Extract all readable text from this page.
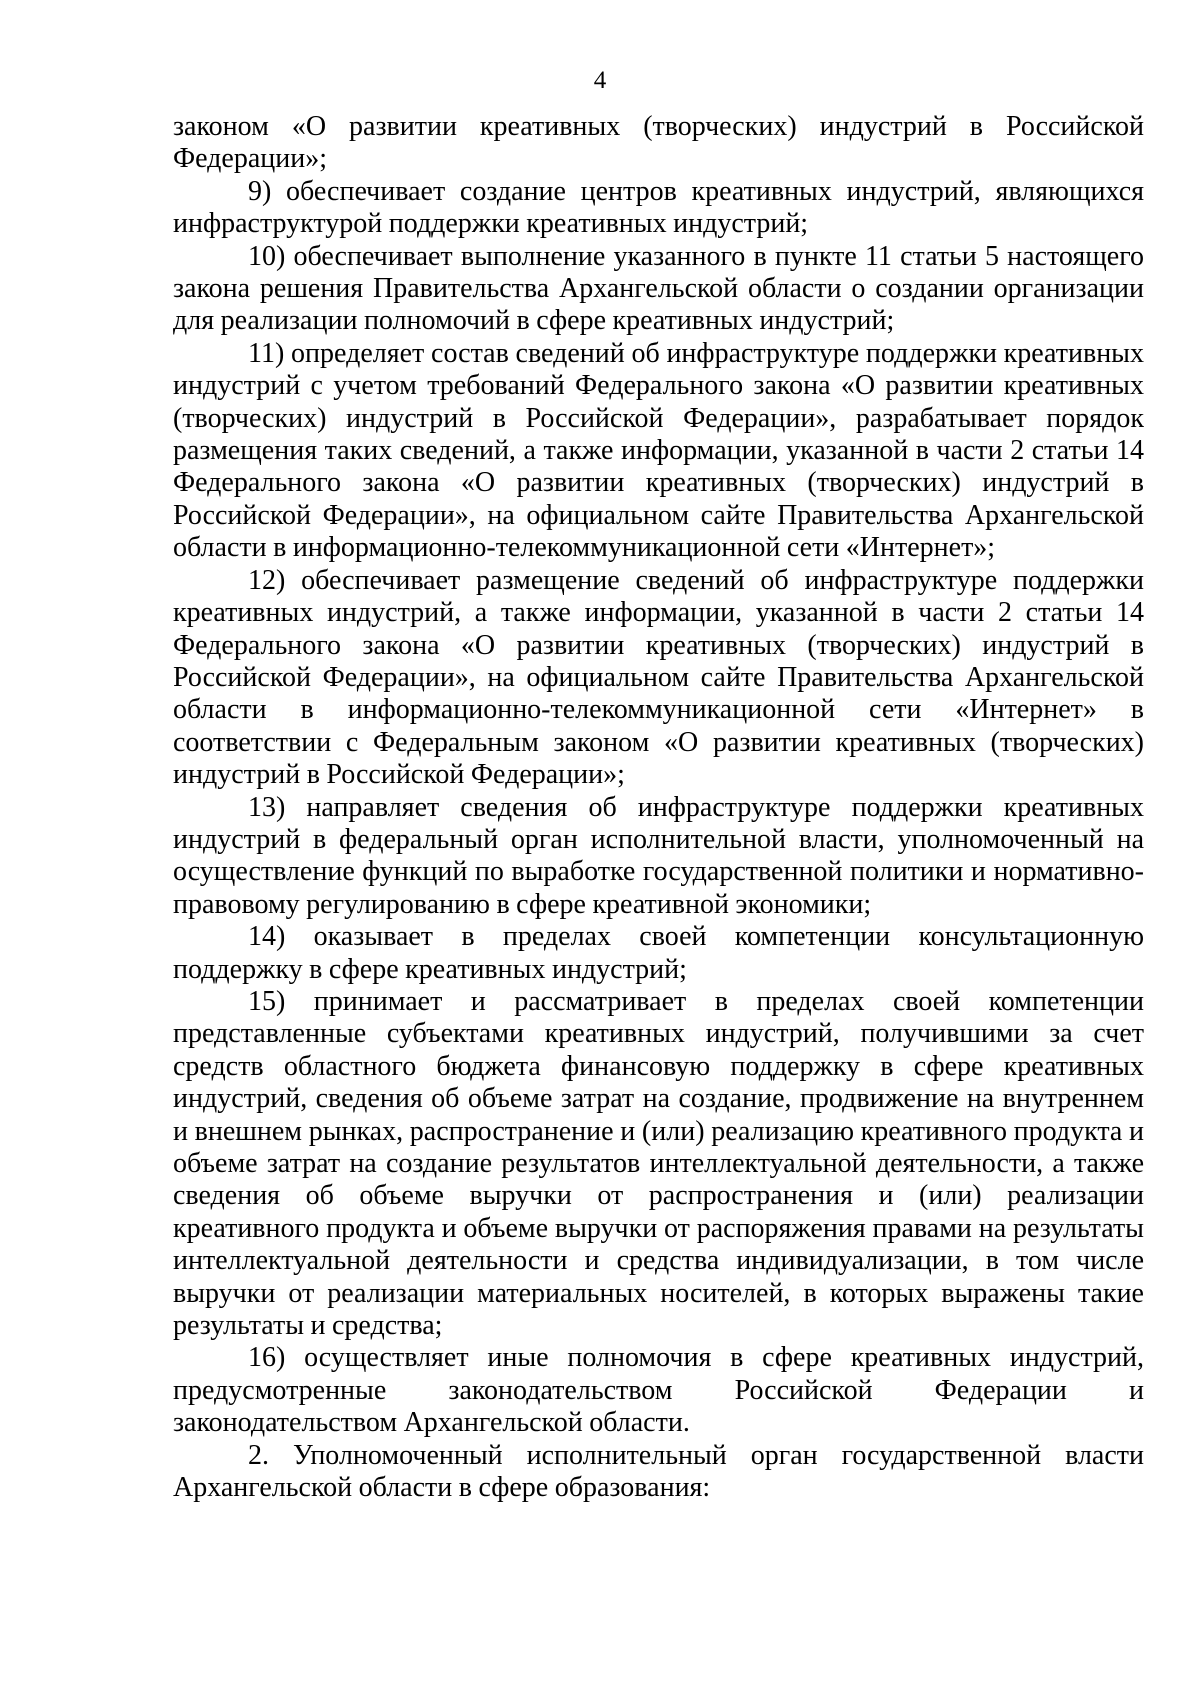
4

законом «О развитии креативных (творческих) индустрий в Российской Федерации»;

9) обеспечивает создание центров креативных индустрий, являющихся инфраструктурой поддержки креативных индустрий;

10) обеспечивает выполнение указанного в пункте 11 статьи 5 настоящего закона решения Правительства Архангельской области о создании организации для реализации полномочий в сфере креативных индустрий;

11) определяет состав сведений об инфраструктуре поддержки креативных индустрий с учетом требований Федерального закона «О развитии креативных (творческих) индустрий в Российской Федерации», разрабатывает порядок размещения таких сведений, а также информации, указанной в части 2 статьи 14 Федерального закона «О развитии креативных (творческих) индустрий в Российской Федерации», на официальном сайте Правительства Архангельской области в информационно-телекоммуникационной сети «Интернет»;

12) обеспечивает размещение сведений об инфраструктуре поддержки креативных индустрий, а также информации, указанной в части 2 статьи 14 Федерального закона «О развитии креативных (творческих) индустрий в Российской Федерации», на официальном сайте Правительства Архангельской области в информационно-телекоммуникационной сети «Интернет» в соответствии с Федеральным законом «О развитии креативных (творческих) индустрий в Российской Федерации»;

13) направляет сведения об инфраструктуре поддержки креативных индустрий в федеральный орган исполнительной власти, уполномоченный на осуществление функций по выработке государственной политики и нормативно-правовому регулированию в сфере креативной экономики;

14) оказывает в пределах своей компетенции консультационную поддержку в сфере креативных индустрий;

15) принимает и рассматривает в пределах своей компетенции представленные субъектами креативных индустрий, получившими за счет средств областного бюджета финансовую поддержку в сфере креативных индустрий, сведения об объеме затрат на создание, продвижение на внутреннем и внешнем рынках, распространение и (или) реализацию креативного продукта и объеме затрат на создание результатов интеллектуальной деятельности, а также сведения об объеме выручки от распространения и (или) реализации креативного продукта и объеме выручки от распоряжения правами на результаты интеллектуальной деятельности и средства индивидуализации, в том числе выручки от реализации материальных носителей, в которых выражены такие результаты и средства;

16) осуществляет иные полномочия в сфере креативных индустрий, предусмотренные законодательством Российской Федерации и законодательством Архангельской области.

2. Уполномоченный исполнительный орган государственной власти Архангельской области в сфере образования:
